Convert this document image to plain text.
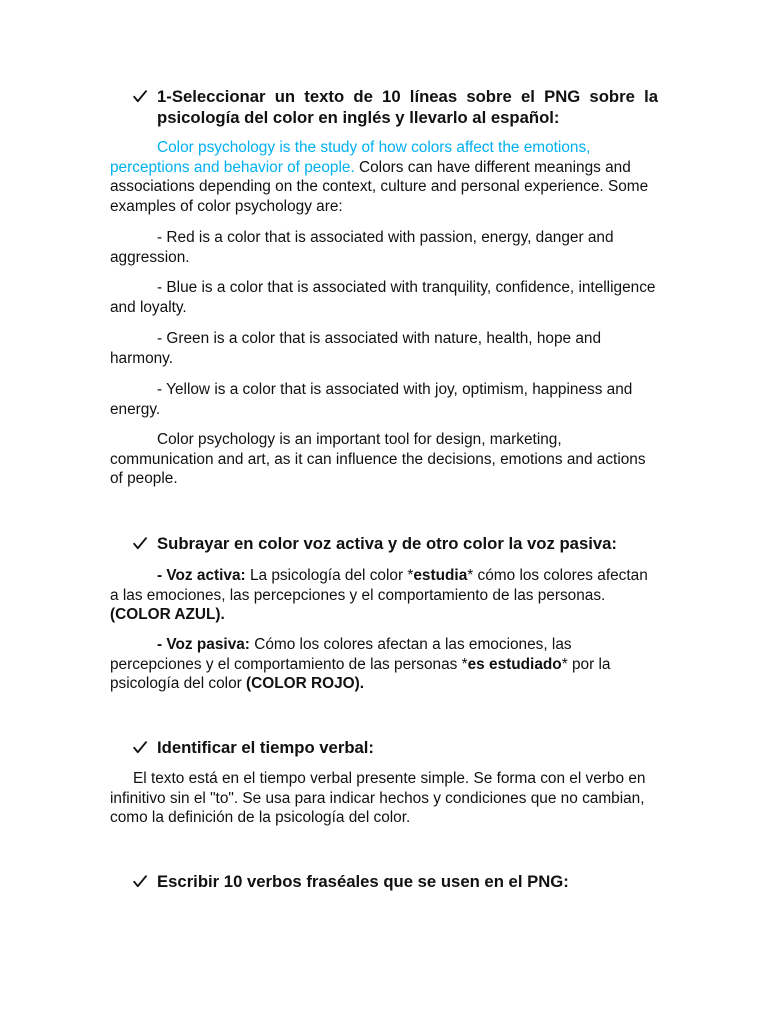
1-Seleccionar un texto de 10 líneas sobre el PNG sobre la psicología del color en inglés y llevarlo al español:

Color psychology is the study of how colors affect the emotions,
perceptions and behavior of people. Colors can have different meanings and
associations depending on the context, culture and personal experience. Some
examples of color psychology are:

- Red is a color that is associated with passion, energy, danger and
aggression.

- Blue is a color that is associated with tranquility, confidence, intelligence
and loyalty.

- Green is a color that is associated with nature, health, hope and
harmony.

- Yellow is a color that is associated with joy, optimism, happiness and
energy.

Color psychology is an important tool for design, marketing,
communication and art, as it can influence the decisions, emotions and actions
of people.

Subrayar en color voz activa y de otro color la voz pasiva:

- Voz activa: La psicología del color *estudia* cómo los colores afectan
a las emociones, las percepciones y el comportamiento de las personas.
(COLOR AZUL).

- Voz pasiva: Cómo los colores afectan a las emociones, las
percepciones y el comportamiento de las personas *es estudiado* por la
psicología del color (COLOR ROJO).

Identificar el tiempo verbal:

El texto está en el tiempo verbal presente simple. Se forma con el verbo en
infinitivo sin el "to". Se usa para indicar hechos y condiciones que no cambian,
como la definición de la psicología del color.

Escribir 10 verbos fraséales que se usen en el PNG:
